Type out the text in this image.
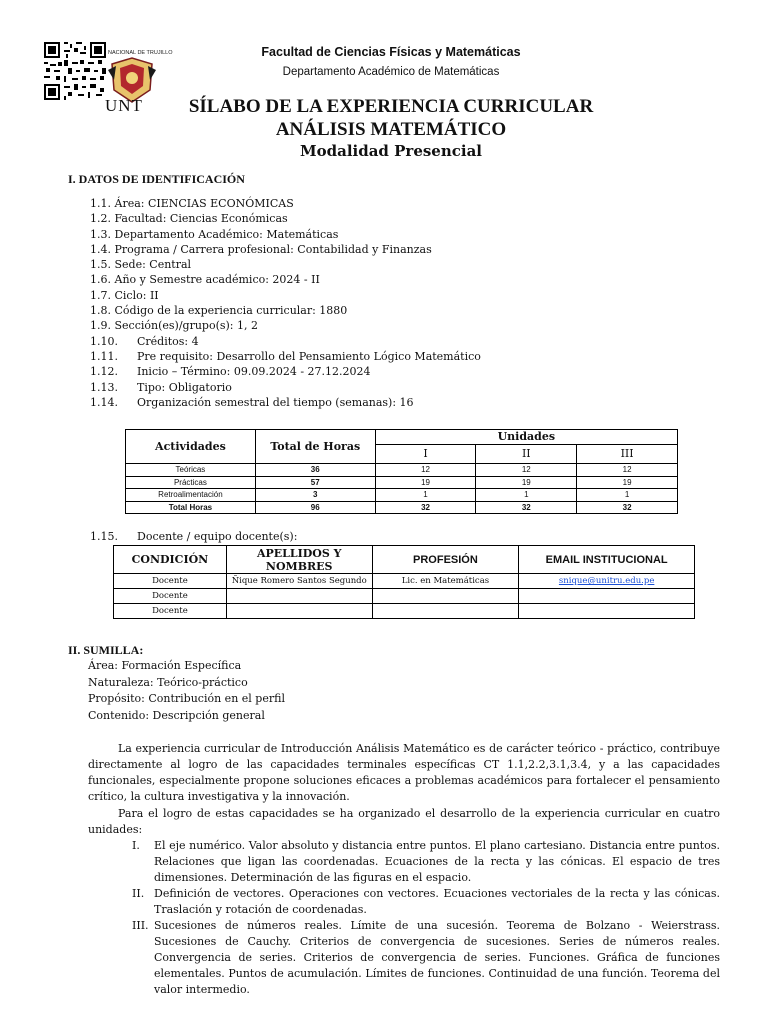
NACIONAL DE TRUJILLO
UNT
Facultad de Ciencias Físicas y Matemáticas
Departamento Académico de Matemáticas
SÍLABO DE LA EXPERIENCIA CURRICULAR
ANÁLISIS MATEMÁTICO
Modalidad Presencial
I. DATOS DE IDENTIFICACIÓN
1.1.
Área: CIENCIAS ECONÓMICAS
1.2.
Facultad: Ciencias Económicas
1.3.
Departamento Académico: Matemáticas
1.4.
Programa / Carrera profesional: Contabilidad y Finanzas
1.5.
Sede: Central
1.6.
Año y Semestre académico: 2024 - II
1.7.
Ciclo: II
1.8.
Código de la experiencia curricular: 1880
1.9.
Sección(es)/grupo(s): 1, 2
1.10.	Créditos: 4
1.11.	Pre requisito: Desarrollo del Pensamiento Lógico Matemático
1.12.	Inicio – Término: 09.09.2024 - 27.12.2024
1.13.	Tipo: Obligatorio
1.14.	Organización semestral del tiempo (semanas): 16
Actividades	Total de Horas	Unidades		
		I	II	III
Teóricas	36	12	12	12
Prácticas	57	19	19	19
Retroalimentación	3	1	1	1
Total Horas	96	32	32	32
1.15. Docente / equipo docente(s):
CONDICIÓN	APELLIDOS Y NOMBRES	PROFESIÓN	EMAIL INSTITUCIONAL
Docente	Ñique Romero Santos Segundo	Lic. en Matemáticas	snique@unitru.edu.pe
Docente			
Docente			
II. SUMILLA:
Área: Formación Específica
Naturaleza: Teórico-práctico
Propósito: Contribución en el perfil
Contenido: Descripción general
La experiencia curricular de Introducción Análisis Matemático es de carácter teórico - práctico, contribuye directamente al logro de las capacidades terminales específicas CT 1.1,2.2,3.1,3.4, y a las capacidades funcionales, especialmente propone soluciones eficaces a problemas académicos para fortalecer el pensamiento crítico, la cultura investigativa y la innovación.
Para el logro de estas capacidades se ha organizado el desarrollo de la experiencia curricular en cuatro unidades:
I.	El eje numérico. Valor absoluto y distancia entre puntos. El plano cartesiano. Distancia entre puntos. Relaciones que ligan las coordenadas. Ecuaciones de la recta y las cónicas. El espacio de tres dimensiones. Determinación de las figuras en el espacio.
II. Definición de vectores. Operaciones con vectores. Ecuaciones vectoriales de la recta y las cónicas. Traslación y rotación de coordenadas.
III. Sucesiones de números reales. Límite de una sucesión. Teorema de Bolzano - Weierstrass. Sucesiones de Cauchy. Criterios de convergencia de sucesiones. Series de números reales. Convergencia de series. Criterios de convergencia de series. Funciones. Gráfica de funciones elementales. Puntos de acumulación. Límites de funciones. Continuidad de una función. Teorema del valor intermedio.
